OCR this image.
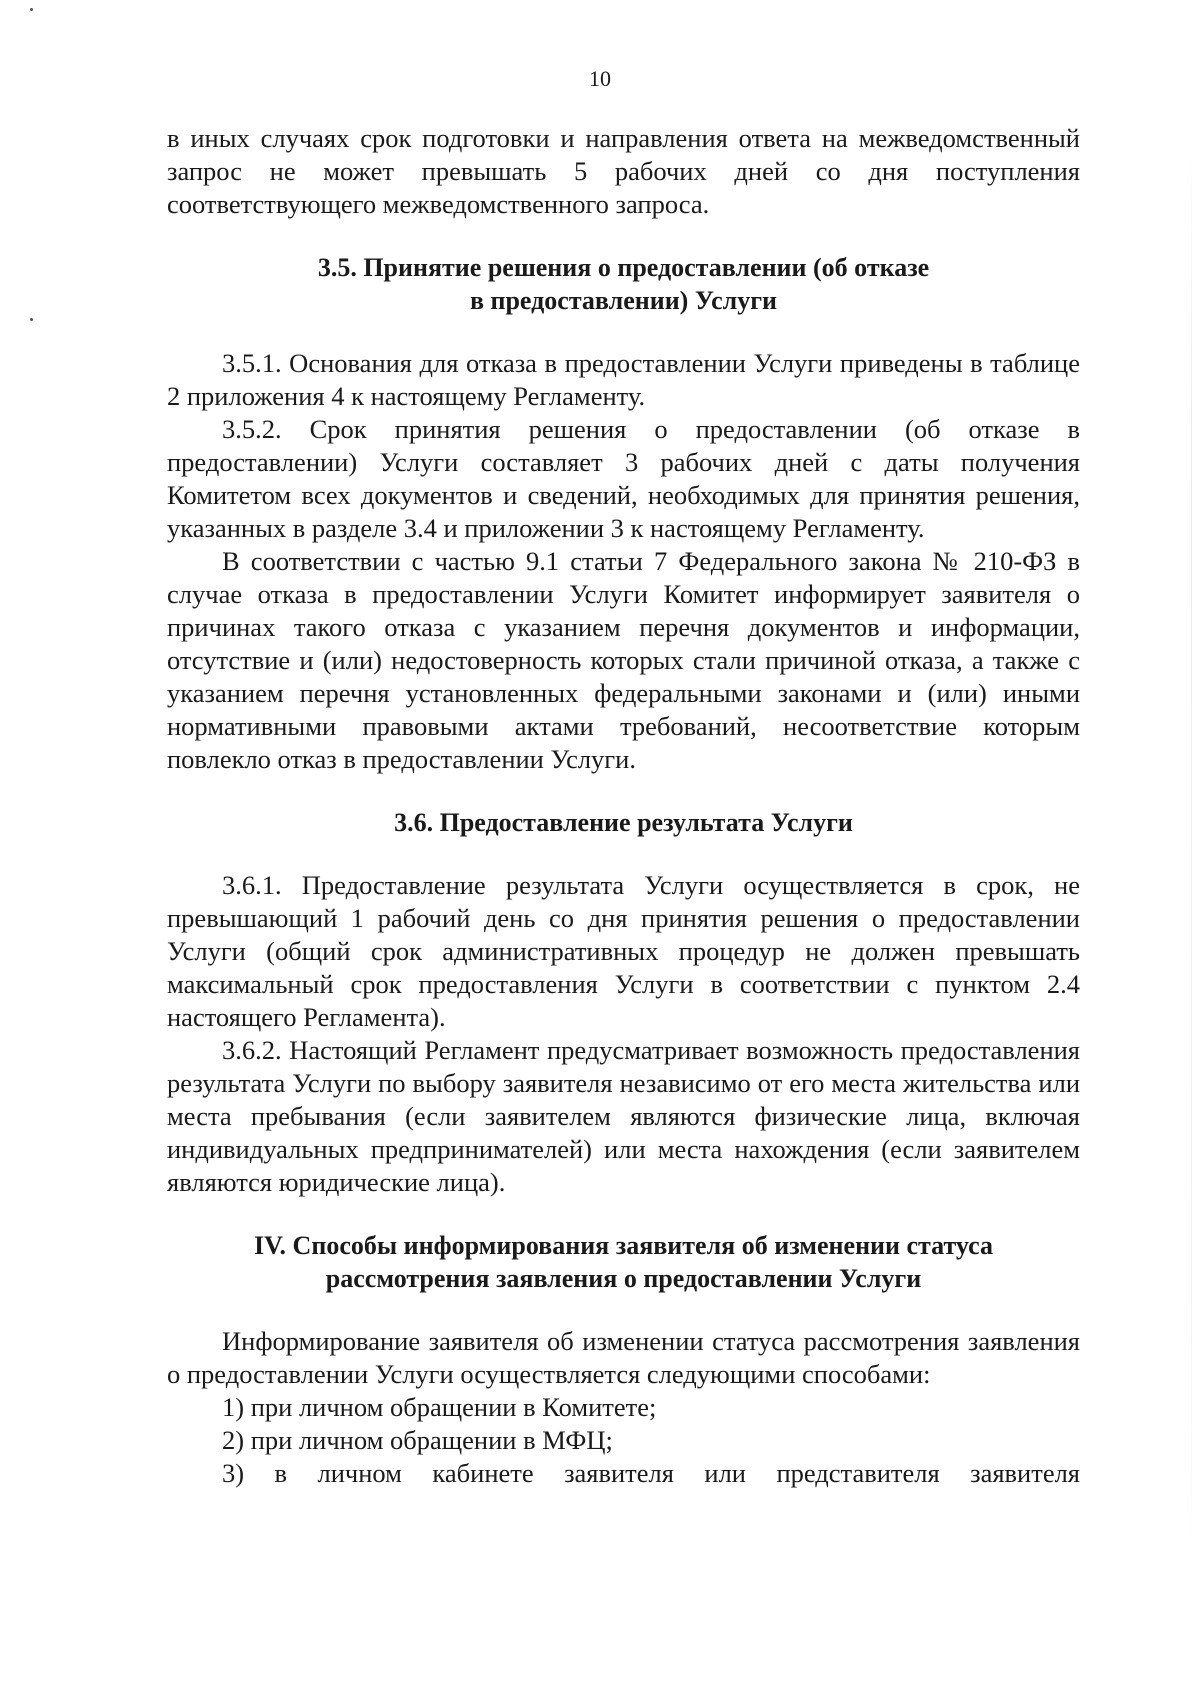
10

в иных случаях срок подготовки и направления ответа на межведомственный запрос не может превышать 5 рабочих дней со дня поступления соответствующего межведомственного запроса.

3.5. Принятие решения о предоставлении (об отказе

в предоставлении) Услуги

3.5.1. Основания для отказа в предоставлении Услуги приведены в таблице 2 приложения 4 к настоящему Регламенту.

3.5.2. Срок принятия решения о предоставлении (об отказе в предоставлении) Услуги составляет 3 рабочих дней с даты получения Комитетом всех документов и сведений, необходимых для принятия решения, указанных в разделе 3.4 и приложении 3 к настоящему Регламенту.

В соответствии с частью 9.1 статьи 7 Федерального закона № 210-ФЗ в случае отказа в предоставлении Услуги Комитет информирует заявителя о причинах такого отказа с указанием перечня документов и информации, отсутствие и (или) недостоверность которых стали причиной отказа, а также с указанием перечня установленных федеральными законами и (или) иными нормативными правовыми актами требований, несоответствие которым повлекло отказ в предоставлении Услуги.

3.6. Предоставление результата Услуги

3.6.1. Предоставление результата Услуги осуществляется в срок, не превышающий 1 рабочий день со дня принятия решения о предоставлении Услуги (общий срок административных процедур не должен превышать максимальный срок предоставления Услуги в соответствии с пунктом 2.4 настоящего Регламента).

3.6.2. Настоящий Регламент предусматривает возможность предоставления результата Услуги по выбору заявителя независимо от его места жительства или места пребывания (если заявителем являются физические лица, включая индивидуальных предпринимателей) или места нахождения (если заявителем являются юридические лица).

IV. Способы информирования заявителя об изменении статуса

рассмотрения заявления о предоставлении Услуги

Информирование заявителя об изменении статуса рассмотрения заявления о предоставлении Услуги осуществляется следующими способами:

1) при личном обращении в Комитете;

2) при личном обращении в МФЦ;

3) в личном кабинете заявителя или представителя заявителя
